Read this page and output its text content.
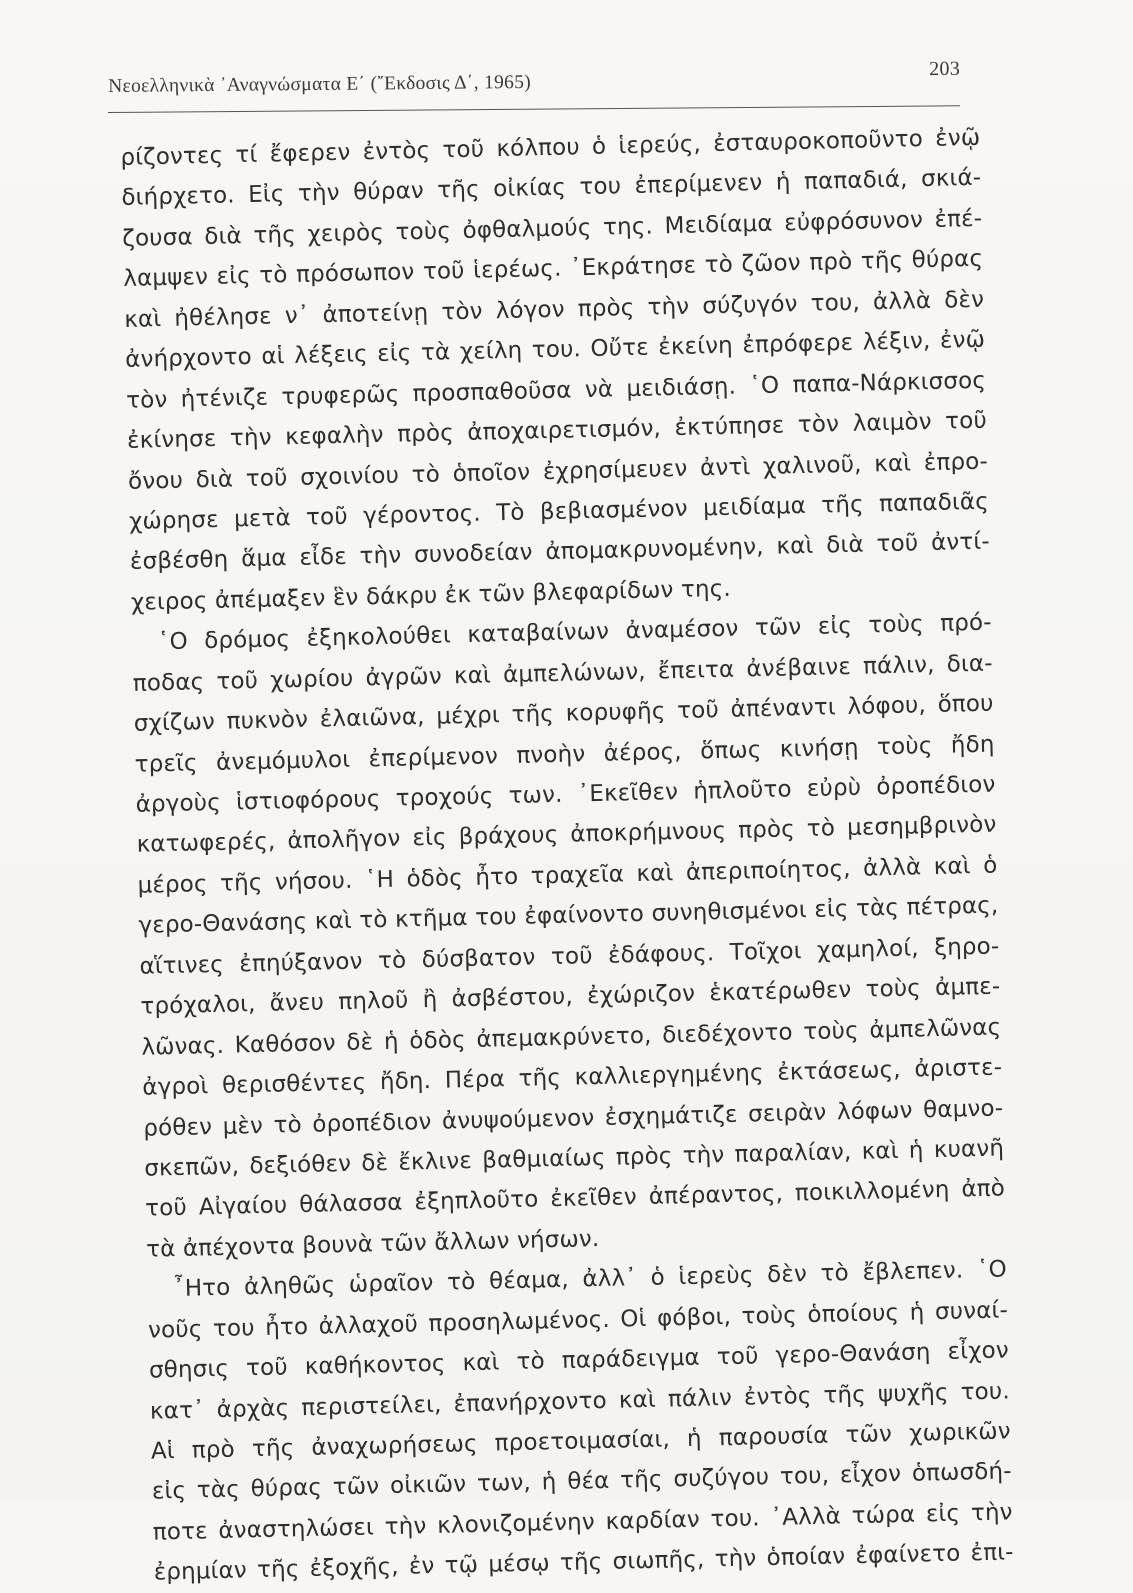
Νεοελληνικὰ ᾿Αναγνώσματα Ε΄ (῎Εκδοσις Δ΄, 1965)
203
ρίζοντες τί ἔφερεν ἐντὸς τοῦ κόλπου ὁ ἱερεύς, ἐσταυροκοποῦντο ἐνῷ
διήρχετο. Εἰς τὴν θύραν τῆς οἰκίας του ἐπερίμενεν ἡ παπαδιά, σκιά-
ζουσα διὰ τῆς χειρὸς τοὺς ὀφθαλμούς της. Μειδίαμα εὐφρόσυνον ἐπέ-
λαμψεν εἰς τὸ πρόσωπον τοῦ ἱερέως. ᾿Εκράτησε τὸ ζῶον πρὸ τῆς θύρας
καὶ ἠθέλησε ν᾿ ἀποτείνῃ τὸν λόγον πρὸς τὴν σύζυγόν του, ἀλλὰ δὲν
ἀνήρχοντο αἱ λέξεις εἰς τὰ χείλη του. Οὔτε ἐκείνη ἐπρόφερε λέξιν, ἐνῷ
τὸν ἠτένιζε τρυφερῶς προσπαθοῦσα νὰ μειδιάσῃ. ῾Ο παπα-Νάρκισσος
ἐκίνησε τὴν κεφαλὴν πρὸς ἀποχαιρετισμόν, ἐκτύπησε τὸν λαιμὸν τοῦ
ὄνου διὰ τοῦ σχοινίου τὸ ὁποῖον ἐχρησίμευεν ἀντὶ χαλινοῦ, καὶ ἐπρο-
χώρησε μετὰ τοῦ γέροντος. Τὸ βεβιασμένον μειδίαμα τῆς παπαδιᾶς
ἐσβέσθη ἅμα εἶδε τὴν συνοδείαν ἀπομακρυνομένην, καὶ διὰ τοῦ ἀντί-
χειρος ἀπέμαξεν ἓν δάκρυ ἐκ τῶν βλεφαρίδων της.
῾Ο δρόμος ἐξηκολούθει καταβαίνων ἀναμέσον τῶν εἰς τοὺς πρό-
ποδας τοῦ χωρίου ἀγρῶν καὶ ἀμπελώνων, ἔπειτα ἀνέβαινε πάλιν, δια-
σχίζων πυκνὸν ἐλαιῶνα, μέχρι τῆς κορυφῆς τοῦ ἀπέναντι λόφου, ὅπου
τρεῖς ἀνεμόμυλοι ἐπερίμενον πνοὴν ἀέρος, ὅπως κινήσῃ τοὺς ἤδη
ἀργοὺς ἱστιοφόρους τροχούς των. ᾿Εκεῖθεν ἡπλοῦτο εὐρὺ ὀροπέδιον
κατωφερές, ἀπολῆγον εἰς βράχους ἀποκρήμνους πρὸς τὸ μεσημβρινὸν
μέρος τῆς νήσου. ῾Η ὁδὸς ἦτο τραχεῖα καὶ ἀπεριποίητος, ἀλλὰ καὶ ὁ
γερο-Θανάσης καὶ τὸ κτῆμα του ἐφαίνοντο συνηθισμένοι εἰς τὰς πέτρας,
αἵτινες ἐπηύξανον τὸ δύσβατον τοῦ ἐδάφους. Τοῖχοι χαμηλοί, ξηρο-
τρόχαλοι, ἄνευ πηλοῦ ἢ ἀσβέστου, ἐχώριζον ἑκατέρωθεν τοὺς ἀμπε-
λῶνας. Καθόσον δὲ ἡ ὁδὸς ἀπεμακρύνετο, διεδέχοντο τοὺς ἀμπελῶνας
ἀγροὶ θερισθέντες ἤδη. Πέρα τῆς καλλιεργημένης ἐκτάσεως, ἀριστε-
ρόθεν μὲν τὸ ὀροπέδιον ἀνυψούμενον ἐσχημάτιζε σειρὰν λόφων θαμνο-
σκεπῶν, δεξιόθεν δὲ ἔκλινε βαθμιαίως πρὸς τὴν παραλίαν, καὶ ἡ κυανῆ
τοῦ Αἰγαίου θάλασσα ἐξηπλοῦτο ἐκεῖθεν ἀπέραντος, ποικιλλομένη ἀπὸ
τὰ ἀπέχοντα βουνὰ τῶν ἄλλων νήσων.
῏Ητο ἀληθῶς ὡραῖον τὸ θέαμα, ἀλλ᾿ ὁ ἱερεὺς δὲν τὸ ἔβλεπεν. ῾Ο
νοῦς του ἦτο ἀλλαχοῦ προσηλωμένος. Οἱ φόβοι, τοὺς ὁποίους ἡ συναί-
σθησις τοῦ καθήκοντος καὶ τὸ παράδειγμα τοῦ γερο-Θανάση εἶχον
κατ᾿ ἀρχὰς περιστείλει, ἐπανήρχοντο καὶ πάλιν ἐντὸς τῆς ψυχῆς του.
Αἱ πρὸ τῆς ἀναχωρήσεως προετοιμασίαι, ἡ παρουσία τῶν χωρικῶν
εἰς τὰς θύρας τῶν οἰκιῶν των, ἡ θέα τῆς συζύγου του, εἶχον ὁπωσδή-
ποτε ἀναστηλώσει τὴν κλονιζομένην καρδίαν του. ᾿Αλλὰ τώρα εἰς τὴν
ἐρημίαν τῆς ἐξοχῆς, ἐν τῷ μέσῳ τῆς σιωπῆς, τὴν ὁποίαν ἐφαίνετο ἐπι-
